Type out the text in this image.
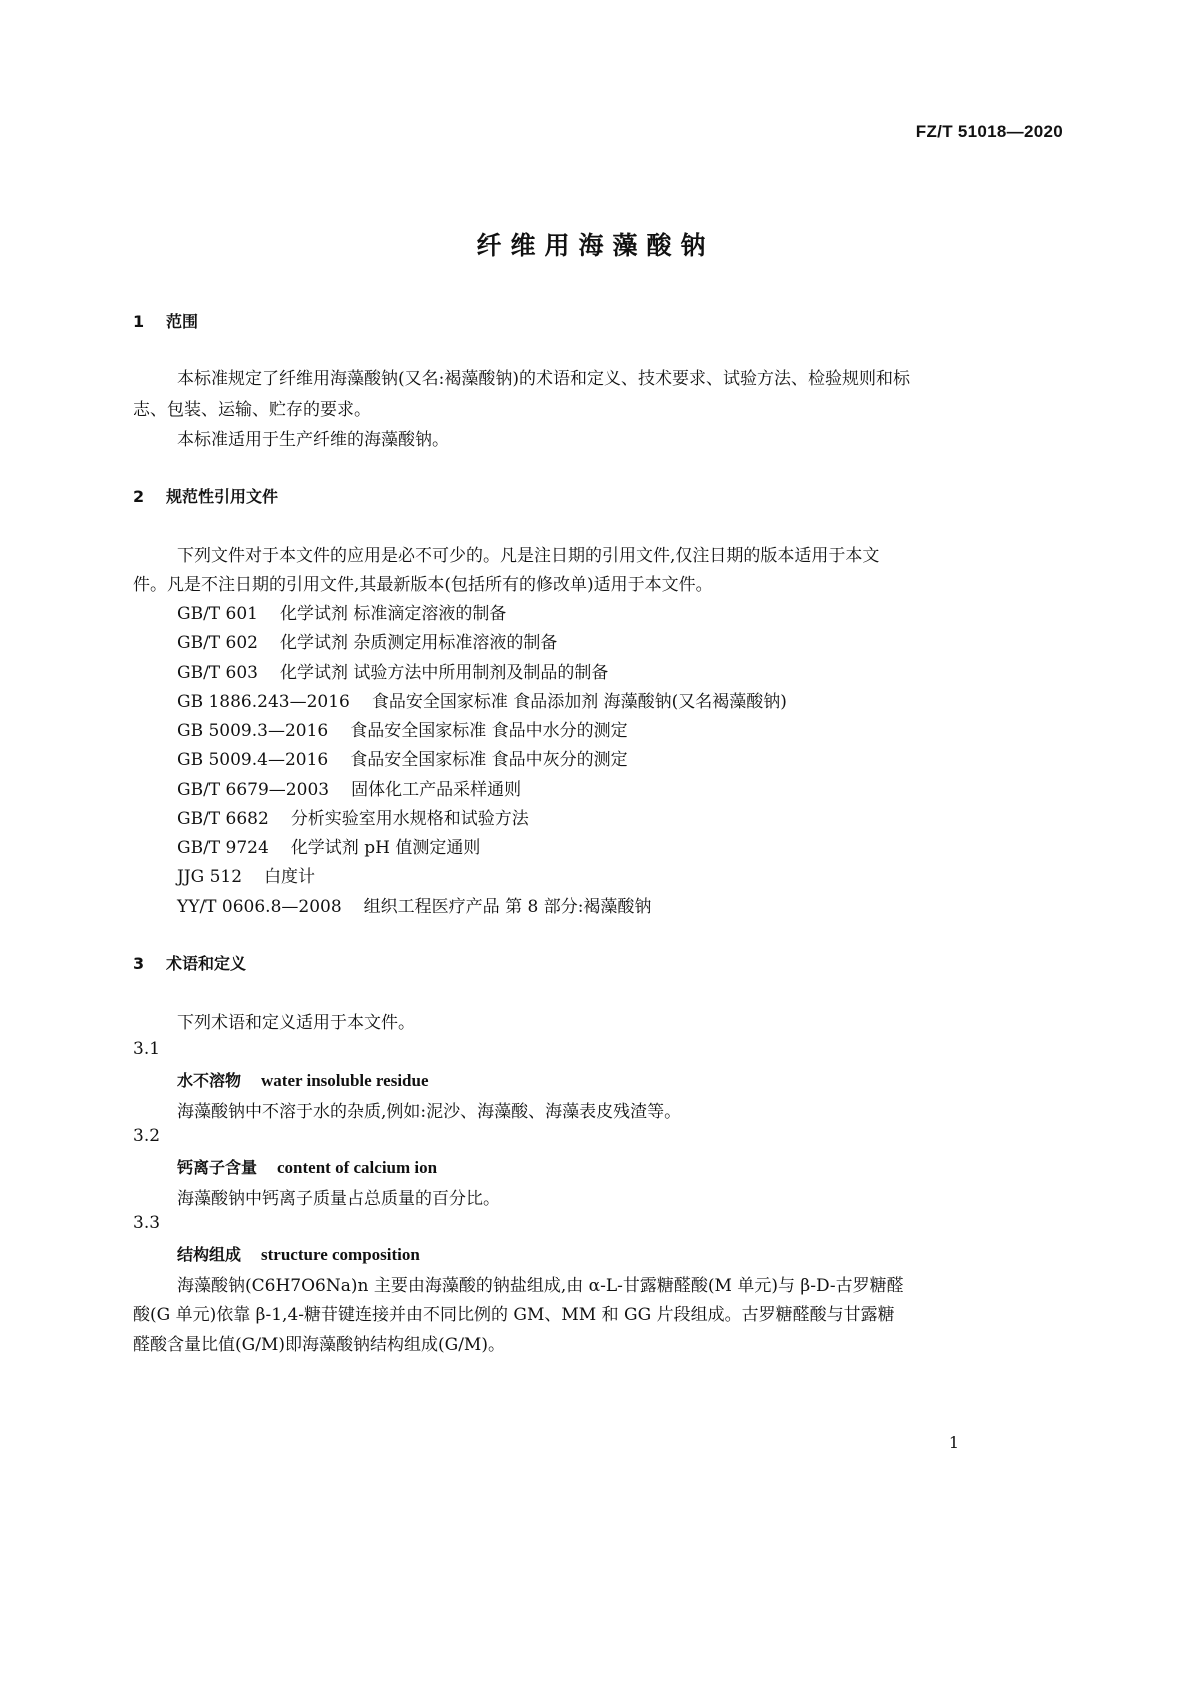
FZ/T 51018—2020
纤维用海藻酸钠
1 范围
本标准规定了纤维用海藻酸钠(又名:褐藻酸钠)的术语和定义、技术要求、试验方法、检验规则和标
志、包装、运输、贮存的要求。
本标准适用于生产纤维的海藻酸钠。
2 规范性引用文件
下列文件对于本文件的应用是必不可少的。凡是注日期的引用文件,仅注日期的版本适用于本文
件。凡是不注日期的引用文件,其最新版本(包括所有的修改单)适用于本文件。
GB/T 601 化学试剂 标准滴定溶液的制备
GB/T 602 化学试剂 杂质测定用标准溶液的制备
GB/T 603 化学试剂 试验方法中所用制剂及制品的制备
GB 1886.243—2016 食品安全国家标准 食品添加剂 海藻酸钠(又名褐藻酸钠)
GB 5009.3—2016 食品安全国家标准 食品中水分的测定
GB 5009.4—2016 食品安全国家标准 食品中灰分的测定
GB/T 6679—2003 固体化工产品采样通则
GB/T 6682 分析实验室用水规格和试验方法
GB/T 9724 化学试剂 pH 值测定通则
JJG 512 白度计
YY/T 0606.8—2008 组织工程医疗产品 第 8 部分:褐藻酸钠
3 术语和定义
下列术语和定义适用于本文件。
3.1
水不溶物 water insoluble residue
海藻酸钠中不溶于水的杂质,例如:泥沙、海藻酸、海藻表皮残渣等。
3.2
钙离子含量 content of calcium ion
海藻酸钠中钙离子质量占总质量的百分比。
3.3
结构组成 structure composition
海藻酸钠(C6H7O6Na)n 主要由海藻酸的钠盐组成,由 α-L-甘露糖醛酸(M 单元)与 β-D-古罗糖醛
酸(G 单元)依靠 β-1,4-糖苷键连接并由不同比例的 GM、MM 和 GG 片段组成。古罗糖醛酸与甘露糖
醛酸含量比值(G/M)即海藻酸钠结构组成(G/M)。
1
